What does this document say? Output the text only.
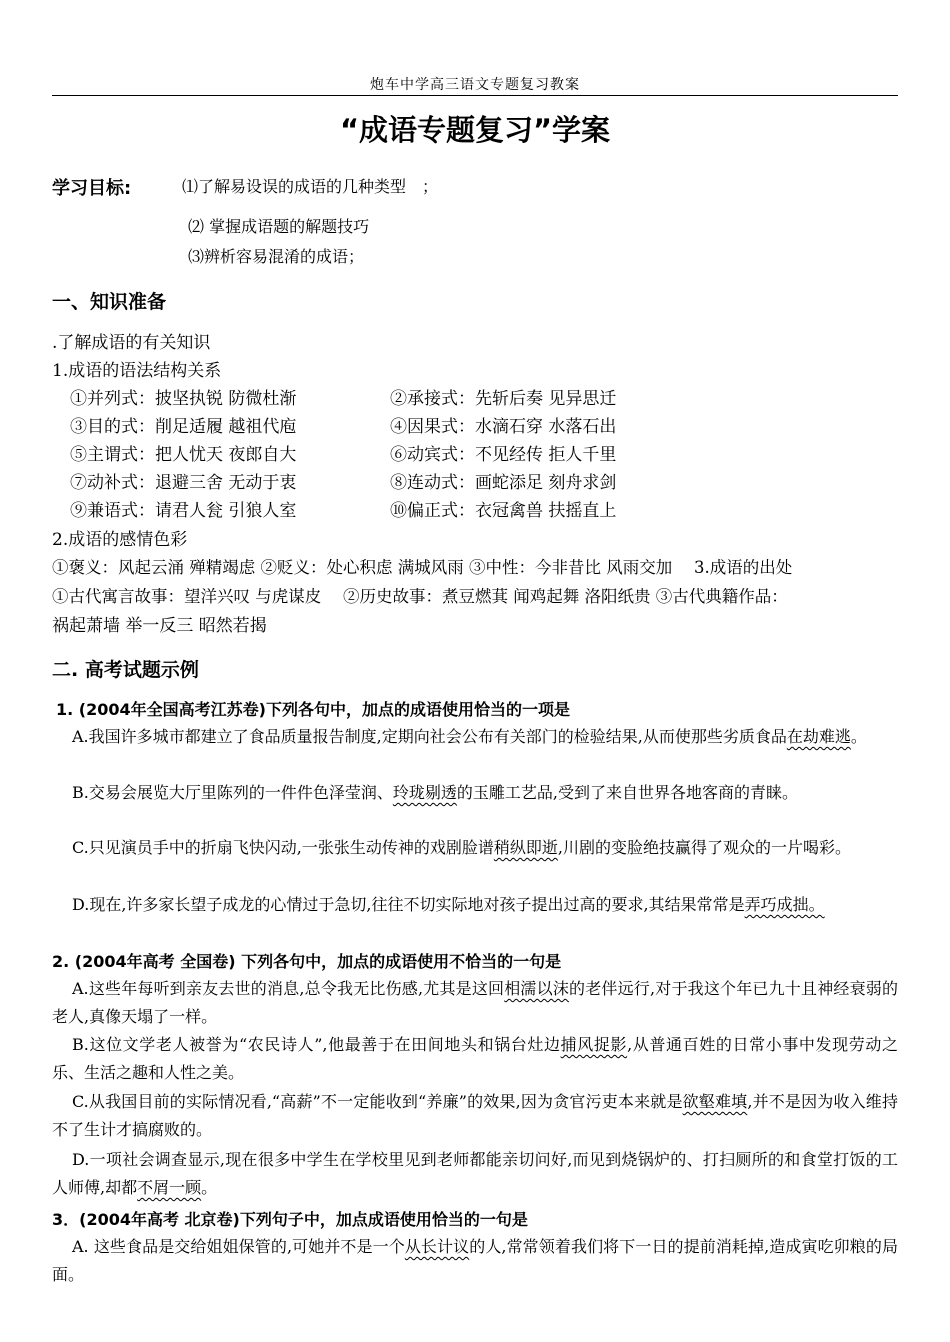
炮车中学高三语文专题复习教案
“成语专题复习”学案
学习目标:	⑴了解易设误的成语的几种类型　；
⑵ 掌握成语题的解题技巧
⑶辨析容易混淆的成语；
一、知识准备
.了解成语的有关知识
1.成语的语法结构关系
①并列式：披坚执锐 防微杜渐	②承接式：先斩后奏 见异思迁
③目的式：削足适履 越祖代庖	④因果式：水滴石穿 水落石出
⑤主谓式：把人忧天 夜郎自大	⑥动宾式：不见经传 拒人千里
⑦动补式：退避三舍 无动于衷	⑧连动式：画蛇添足 刻舟求剑
⑨兼语式：请君人瓮 引狼人室	⑩偏正式：衣冠禽兽 扶摇直上
2.成语的感情色彩
①褒义：风起云涌 殚精竭虑 ②贬义：处心积虑 满城风雨 ③中性：今非昔比 风雨交加　 3.成语的出处
①古代寓言故事：望洋兴叹 与虎谋皮　 ②历史故事：煮豆燃萁 闻鸡起舞 洛阳纸贵 ③古代典籍作品：
祸起萧墙 举一反三 昭然若揭
二. 高考试题示例
1. (2004年全国高考江苏卷)下列各句中，加点的成语使用恰当的一项是
A.我国许多城市都建立了食品质量报告制度,定期向社会公布有关部门的检验结果,从而使那些劣质食品在劫难逃。
B.交易会展览大厅里陈列的一件件色泽莹润、玲珑剔透的玉雕工艺品,受到了来自世界各地客商的青睐。
C.只见演员手中的折扇飞快闪动,一张张生动传神的戏剧脸谱稍纵即逝,川剧的变脸绝技赢得了观众的一片喝彩。
D.现在,许多家长望子成龙的心情过于急切,往往不切实际地对孩子提出过高的要求,其结果常常是弄巧成拙。
2. (2004年高考 全国卷) 下列各句中，加点的成语使用不恰当的一句是
A.这些年每听到亲友去世的消息,总令我无比伤感,尤其是这回相濡以沫的老伴远行,对于我这个年已九十且神经衰弱的老人,真像天塌了一样。
B.这位文学老人被誉为“农民诗人”,他最善于在田间地头和锅台灶边捕风捉影,从普通百姓的日常小事中发现劳动之乐、生活之趣和人性之美。
C.从我国目前的实际情况看,“高薪”不一定能收到“养廉”的效果,因为贪官污吏本来就是欲壑难填,并不是因为收入维持不了生计才搞腐败的。
D.一项社会调查显示,现在很多中学生在学校里见到老师都能亲切问好,而见到烧锅炉的、打扫厕所的和食堂打饭的工人师傅,却都不屑一顾。
3．(2004年高考 北京卷)下列句子中，加点成语使用恰当的一句是
A. 这些食品是交给姐姐保管的,可她并不是一个从长计议的人,常常领着我们将下一日的提前消耗掉,造成寅吃卯粮的局面。
